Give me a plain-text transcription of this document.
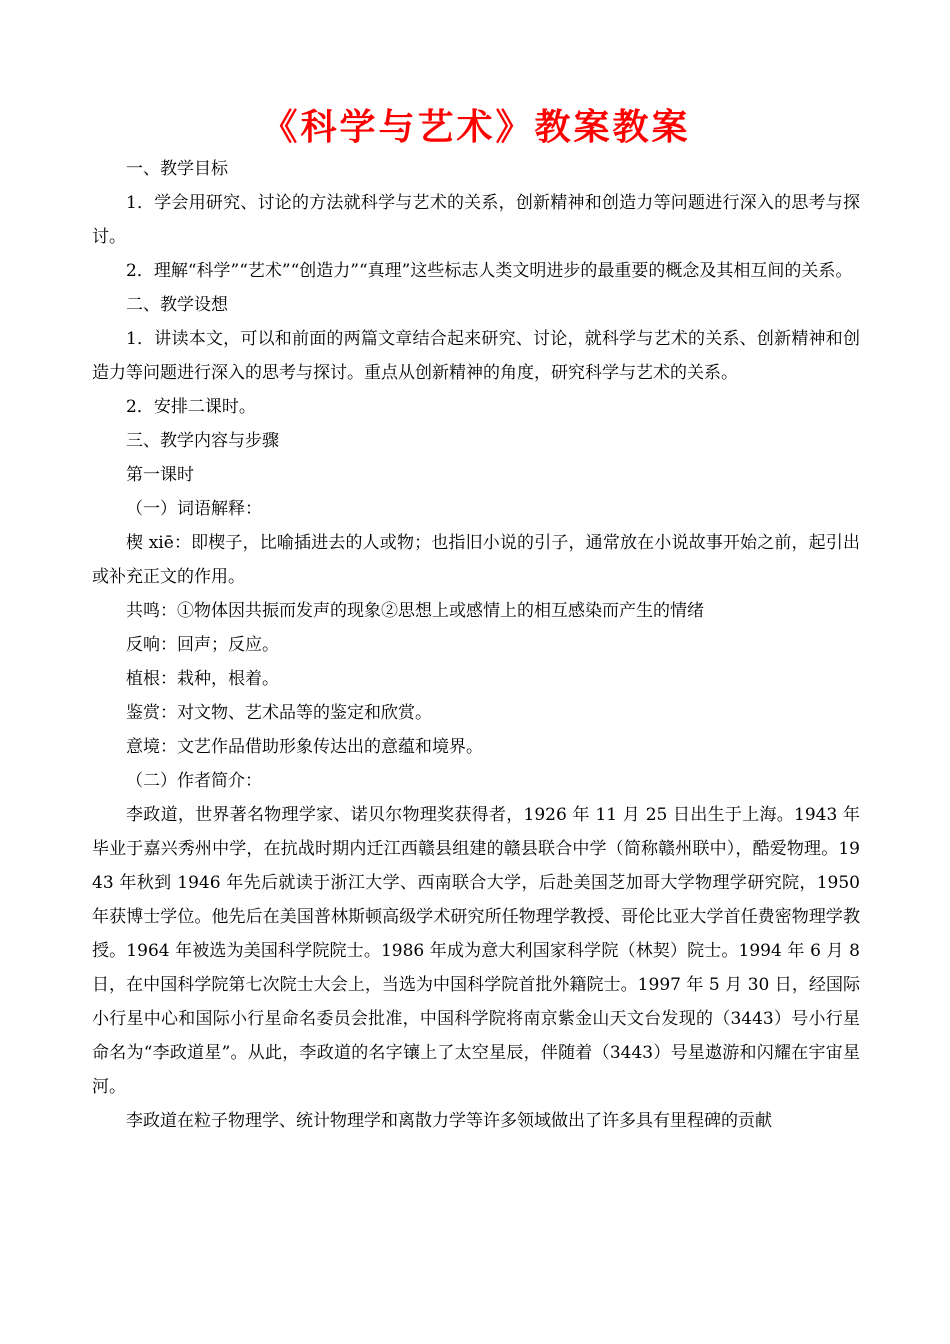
《科学与艺术》教案教案

一、教学目标

1．学会用研究、讨论的方法就科学与艺术的关系，创新精神和创造力等问题进行深入的思考与探讨。

2．理解“科学”“艺术”“创造力”“真理”这些标志人类文明进步的最重要的概念及其相互间的关系。

二、教学设想

1．讲读本文，可以和前面的两篇文章结合起来研究、讨论，就科学与艺术的关系、创新精神和创造力等问题进行深入的思考与探讨。重点从创新精神的角度，研究科学与艺术的关系。

2．安排二课时。

三、教学内容与步骤

第一课时

（一）词语解释：

楔 xiē：即楔子，比喻插进去的人或物；也指旧小说的引子，通常放在小说故事开始之前，起引出或补充正文的作用。

共鸣：①物体因共振而发声的现象②思想上或感情上的相互感染而产生的情绪

反响：回声；反应。

植根：栽种，根着。

鉴赏：对文物、艺术品等的鉴定和欣赏。

意境：文艺作品借助形象传达出的意蕴和境界。

（二）作者简介：

李政道，世界著名物理学家、诺贝尔物理奖获得者，1926 年 11 月 25 日出生于上海。1943 年毕业于嘉兴秀州中学，在抗战时期内迁江西赣县组建的赣县联合中学（简称赣州联中），酷爱物理。1943 年秋到 1946 年先后就读于浙江大学、西南联合大学，后赴美国芝加哥大学物理学研究院，1950 年获博士学位。他先后在美国普林斯顿高级学术研究所任物理学教授、哥伦比亚大学首任费密物理学教授。1964 年被选为美国科学院院士。1986 年成为意大利国家科学院（林契）院士。1994 年 6 月 8 日，在中国科学院第七次院士大会上，当选为中国科学院首批外籍院士。1997 年 5 月 30 日，经国际小行星中心和国际小行星命名委员会批准，中国科学院将南京紫金山天文台发现的（3443）号小行星命名为“李政道星”。从此，李政道的名字镶上了太空星辰，伴随着（3443）号星遨游和闪耀在宇宙星河。

李政道在粒子物理学、统计物理学和离散力学等许多领域做出了许多具有里程碑的贡献
